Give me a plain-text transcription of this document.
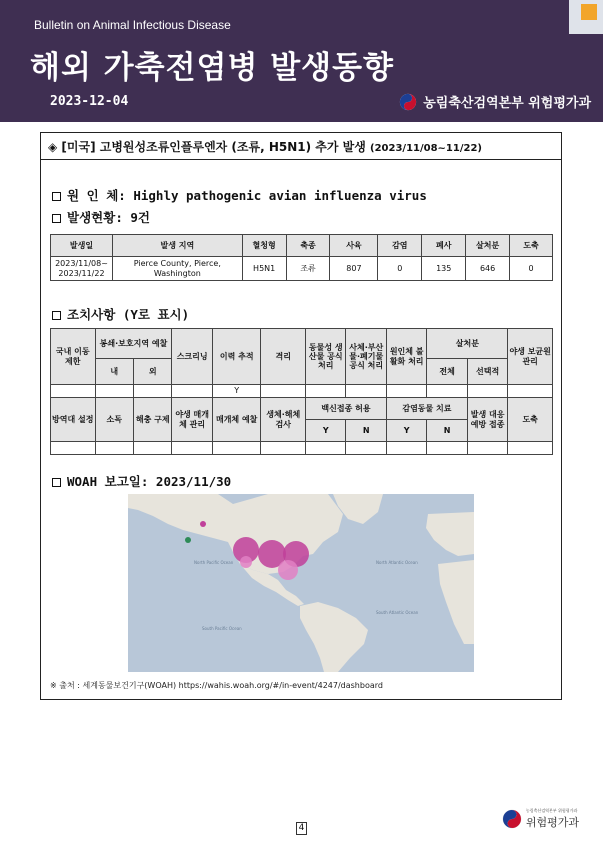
Bulletin on Animal Infectious Disease
해외 가축전염병 발생동향
2023-12-04	농림축산검역본부 위험평가과
◈ [미국] 고병원성조류인플루엔자 (조류, H5N1) 추가 발생 (2023/11/08~11/22)
원 인 체: Highly pathogenic avian influenza virus
발생현황: 9건
발생일	발생 지역	혈청형	축종	사육	감염	폐사	살처분	도축
2023/11/08~ 2023/11/22	Pierce County, Pierce, Washington	H5N1	조류	807	0	135	646	0
조치사항 (Y로 표시)
국내 이동 제한	봉쇄·보호지역 예찰		스크리닝	이력 추적	격리	동물성 생산물 공식 처리	사체·부산물·폐기물 공식 처리	원인체 불활화 처리	살처분		야생 보균원 관리
	내	외							전체	선택적	
				Y							
방역대 설정	소독	해충 구제	야생 매개체 관리	매개체 예찰	생체·해체 검사	백신접종 허용		감염동물 치료		발생 대응 예방 접종	도축
						Y	N	Y	N		

WOAH 보고일: 2023/11/30
North Pacific Ocean	North Atlantic Ocean
South Pacific Ocean
South Atlantic Ocean
※ 출처 : 세계동물보건기구(WOAH) https://wahis.woah.org/#/in-event/4247/dashboard
4
농림축산검역본부 위험평가과
위험평가과
